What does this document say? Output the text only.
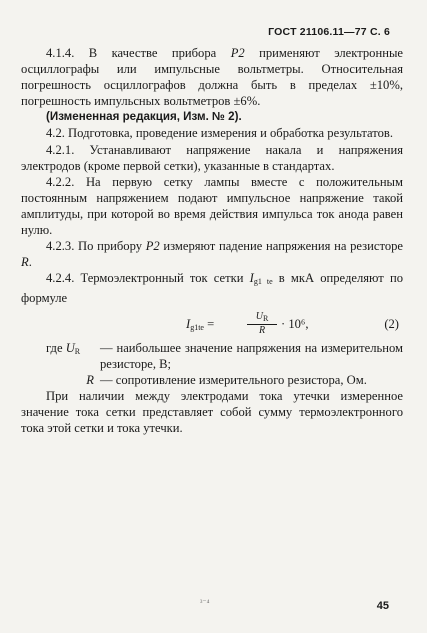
ГОСТ 21106.11—77 С. 6

4.1.4. В качестве прибора Р2 применяют электронные осциллографы или импульсные вольтметры. Относительная погрешность осциллографов должна быть в пределах ±10%, погрешность импульсных вольтметров ±6%.

(Измененная редакция, Изм. № 2).

4.2. Подготовка, проведение измерения и обработка результатов.

4.2.1. Устанавливают напряжение накала и напряжения электродов (кроме первой сетки), указанные в стандартах.

4.2.2. На первую сетку лампы вместе с положительным постоянным напряжением подают импульсное напряжение такой амплитуды, при которой во время действия импульса ток анода равен нулю.

4.2.3. По прибору Р2 измеряют падение напряжения на резисторе R.

4.2.4. Термоэлектронный ток сетки $I_{g1 te}$ в мкА определяют по формуле

$I_{g1te}$ =	$\frac{U_R}{R} \cdot 10^6$,	(2)
где $U_R$	— наибольшее значение напряжения на измерительном резисторе, В;
R — сопротивление измерительного резистора, Ом.

При наличии между электродами тока утечки измеренное значение тока сетки представляет собой сумму термоэлектронного тока этой сетки и тока утечки.

³⁻⁴	45
